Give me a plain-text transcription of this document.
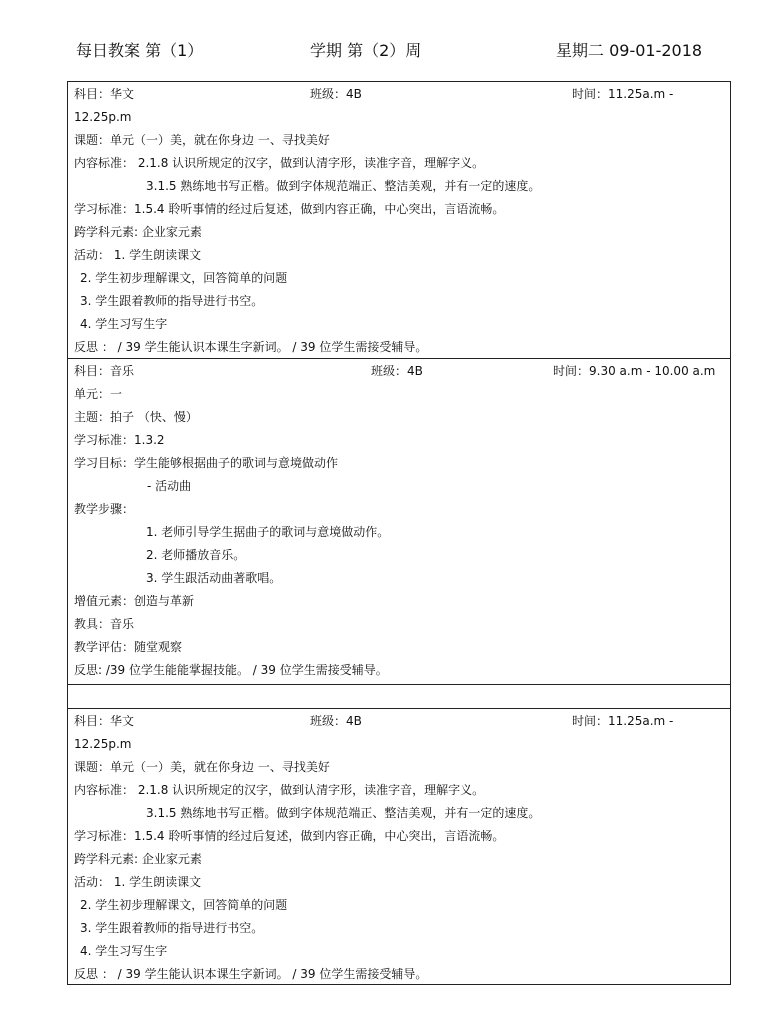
每日教案 第（1）	学期 第（2）周	星期二 09-01-2018
科目：华文	班级：4B	时间：11.25a.m -
12.25p.m
课题：单元（一）美，就在你身边 一、寻找美好
内容标准： 2.1.8 认识所规定的汉字，做到认清字形，读准字音，理解字义。
3.1.5 熟练地书写正楷。做到字体规范端正、整洁美观，并有一定的速度。
学习标准：1.5.4 聆听事情的经过后复述，做到内容正确，中心突出，言语流畅。
跨学科元素: 企业家元素
活动： 1. 学生朗读课文
2. 学生初步理解课文，回答简单的问题
3. 学生跟着教师的指导进行书空。
4. 学生习写生字
反思 ： / 39 学生能认识本课生字新词。 / 39 位学生需接受辅导。
科目：音乐	班级：4B	时间：9.30 a.m - 10.00 a.m
单元：一
主题：拍子 （快、慢）
学习标准：1.3.2
学习目标：学生能够根据曲子的歌词与意境做动作
- 活动曲
教学步骤：
1. 老师引导学生据曲子的歌词与意境做动作。
2. 老师播放音乐。
3. 学生跟活动曲著歌唱。
增值元素：创造与革新
教具：音乐
教学评估：随堂观察
反思: /39 位学生能能掌握技能。 / 39 位学生需接受辅导。
科目：华文	班级：4B	时间：11.25a.m -
12.25p.m
课题：单元（一）美，就在你身边 一、寻找美好
内容标准： 2.1.8 认识所规定的汉字，做到认清字形，读准字音，理解字义。
3.1.5 熟练地书写正楷。做到字体规范端正、整洁美观，并有一定的速度。
学习标准：1.5.4 聆听事情的经过后复述，做到内容正确，中心突出，言语流畅。
跨学科元素: 企业家元素
活动： 1. 学生朗读课文
2. 学生初步理解课文，回答简单的问题
3. 学生跟着教师的指导进行书空。
4. 学生习写生字
反思 ： / 39 学生能认识本课生字新词。 / 39 位学生需接受辅导。
